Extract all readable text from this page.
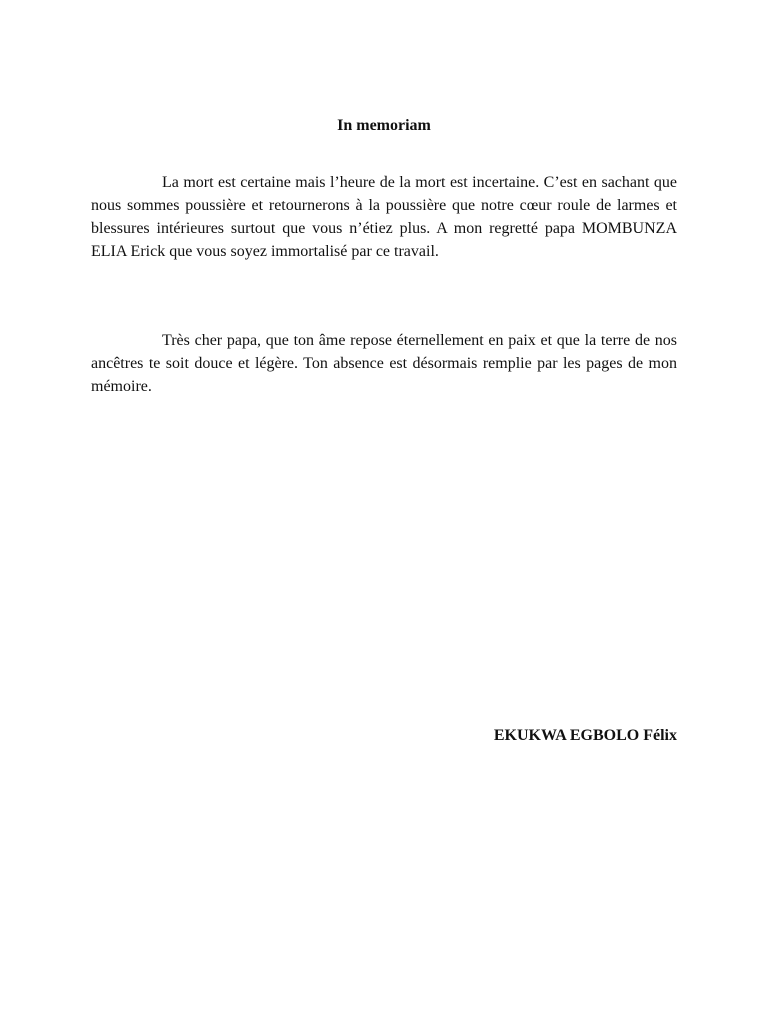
In memoriam

La mort est certaine mais l’heure de la mort est incertaine. C’est en sachant que nous sommes poussière et retournerons à la poussière que notre cœur roule de larmes et blessures intérieures surtout que vous n’étiez plus. A mon regretté papa MOMBUNZA ELIA Erick que vous soyez immortalisé par ce travail.

Très cher papa, que ton âme repose éternellement en paix et que la terre de nos ancêtres te soit douce et légère. Ton absence est désormais remplie par les pages de mon mémoire.

EKUKWA EGBOLO Félix
